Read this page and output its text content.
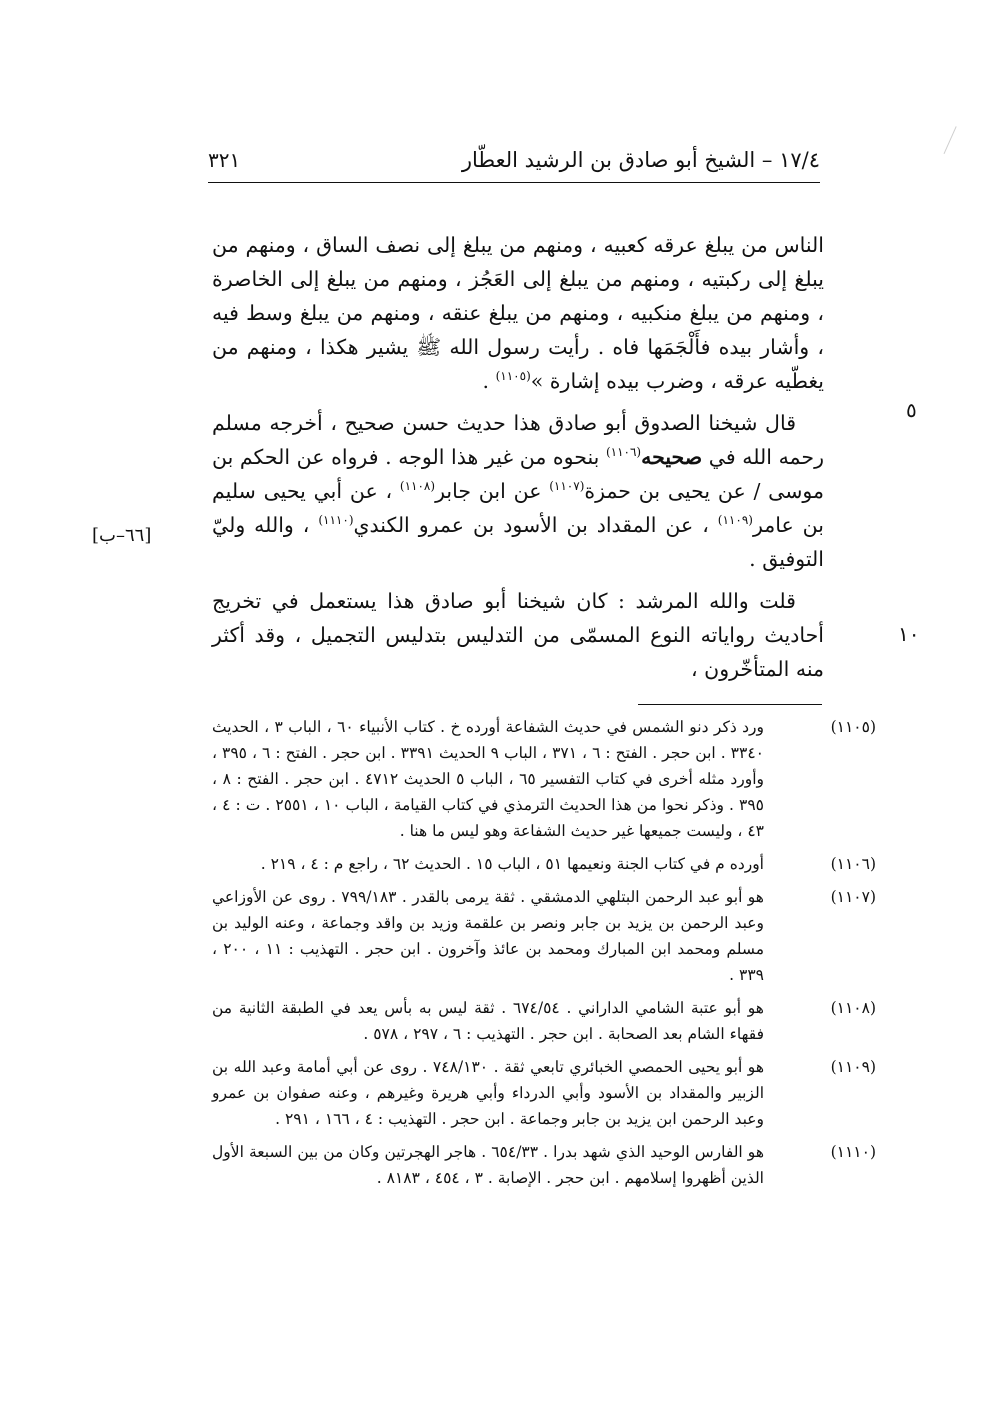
١٧/٤ – الشيخ أبو صادق بن الرشيد العطّار
٣٢١

الناس من يبلغ عرقه كعبيه ، ومنهم من يبلغ إلى نصف الساق ، ومنهم من يبلغ إلى ركبتيه ، ومنهم من يبلغ إلى العَجُز ، ومنهم من يبلغ إلى الخاصرة ، ومنهم من يبلغ منكبيه ، ومنهم من يبلغ عنقه ، ومنهم من يبلغ وسط فيه ، وأشار بيده فأَلْجَمَها فاه . رأيت رسول الله ﷺ يشير هكذا ، ومنهم من يغطّيه عرقه ، وضرب بيده إشارة »$^{(١١٠٥)}$ .

قال شيخنا الصدوق أبو صادق هذا حديث حسن صحيح ، أخرجه مسلم رحمه الله في صحيحه$^{(١١٠٦)}$ بنحوه من غير هذا الوجه . فرواه عن الحكم بن موسى / عن يحيى بن حمزة$^{(١١٠٧)}$ عن ابن جابر$^{(١١٠٨)}$ ، عن أبي يحيى سليم بن عامر$^{(١١٠٩)}$ ، عن المقداد بن الأسود بن عمرو الكندي$^{(١١١٠)}$ ، والله وليّ التوفيق .

قلت والله المرشد : كان شيخنا أبو صادق هذا يستعمل في تخريج أحاديث رواياته النوع المسمّى من التدليس بتدليس التجميل ، وقد أكثر منه المتأخّرون ،

٥
١٠
[٦٦–ب]
(١١٠٥)
ورد ذكر دنو الشمس في حديث الشفاعة أورده خ . كتاب الأنبياء ٦٠ ، الباب ٣ ، الحديث ٣٣٤٠ . ابن حجر . الفتح : ٦ ، ٣٧١ ، الباب ٩ الحديث ٣٣٩١ . ابن حجر . الفتح : ٦ ، ٣٩٥ ، وأورد مثله أخرى في كتاب التفسير ٦٥ ، الباب ٥ الحديث ٤٧١٢ . ابن حجر . الفتح : ٨ ، ٣٩٥ . وذكر نحوا من هذا الحديث الترمذي في كتاب القيامة ، الباب ١٠ ، ٢٥٥١ . ت : ٤ ، ٤٣ ، وليست جميعها غير حديث الشفاعة وهو ليس ما هنا .
(١١٠٦)
أورده م في كتاب الجنة ونعيمها ٥١ ، الباب ١٥ . الحديث ٦٢ ، راجع م : ٤ ، ٢١٩ .
(١١٠٧)
هو أبو عبد الرحمن البتلهي الدمشقي . ثقة يرمى بالقدر . ٧٩٩/١٨٣ . روى عن الأوزاعي وعبد الرحمن بن يزيد بن جابر ونصر بن علقمة وزيد بن واقد وجماعة ، وعنه الوليد بن مسلم ومحمد ابن المبارك ومحمد بن عائذ وآخرون . ابن حجر . التهذيب : ١١ ، ٢٠٠ ، ٣٣٩ .
(١١٠٨)
هو أبو عتبة الشامي الداراني . ٦٧٤/٥٤ . ثقة ليس به بأس يعد في الطبقة الثانية من فقهاء الشام بعد الصحابة . ابن حجر . التهذيب : ٦ ، ٢٩٧ ، ٥٧٨ .
(١١٠٩)
هو أبو يحيى الحمصي الخبائري تابعي ثقة . ٧٤٨/١٣٠ . روى عن أبي أمامة وعبد الله بن الزبير والمقداد بن الأسود وأبي الدرداء وأبي هريرة وغيرهم ، وعنه صفوان بن عمرو وعبد الرحمن ابن يزيد بن جابر وجماعة . ابن حجر . التهذيب : ٤ ، ١٦٦ ، ٢٩١ .
(١١١٠)
هو الفارس الوحيد الذي شهد بدرا . ٦٥٤/٣٣ . هاجر الهجرتين وكان من بين السبعة الأول الذين أظهروا إسلامهم . ابن حجر . الإصابة . ٣ ، ٤٥٤ ، ٨١٨٣ .
